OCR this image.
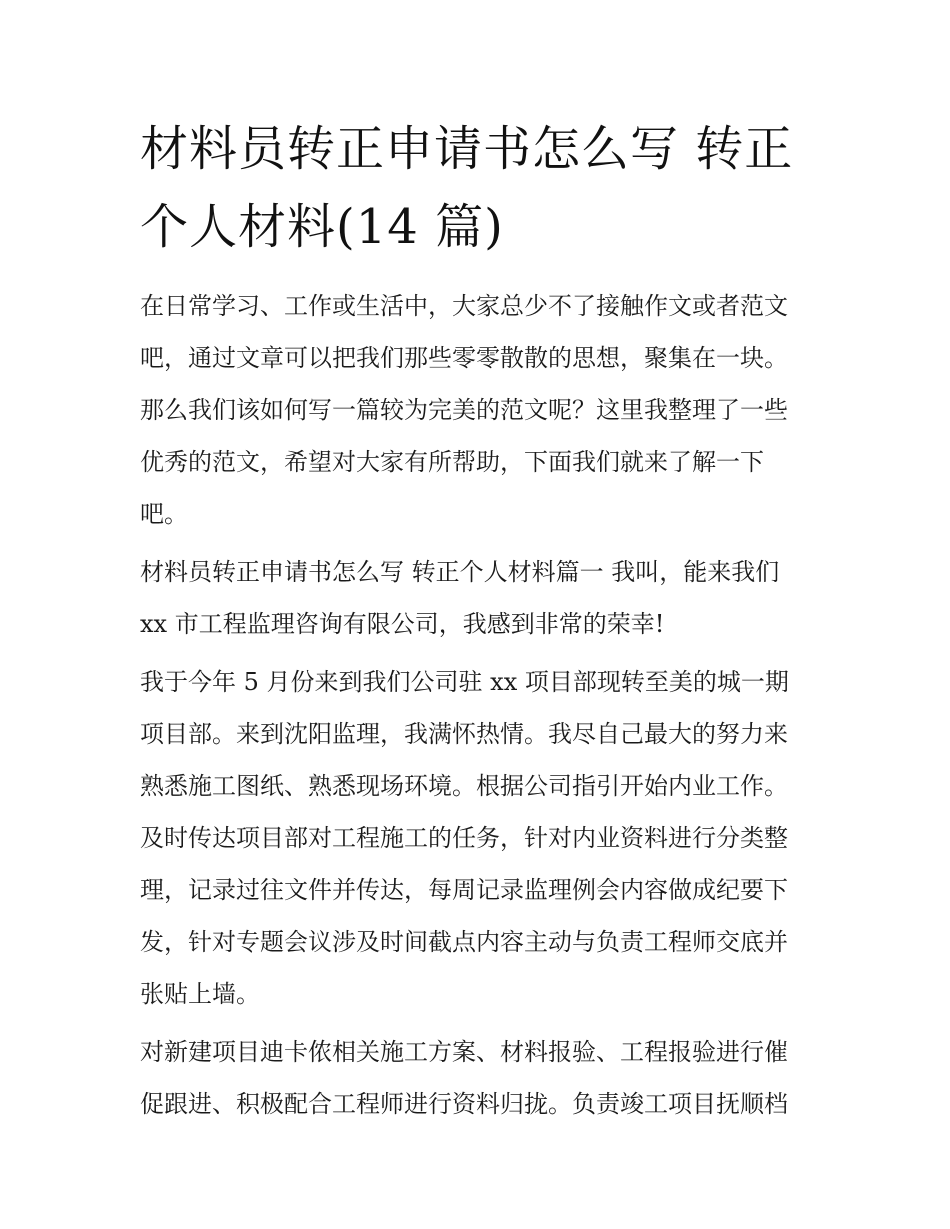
材料员转正申请书怎么写 转正
个人材料(14 篇)

在日常学习、工作或生活中，大家总少不了接触作文或者范文
吧，通过文章可以把我们那些零零散散的思想，聚集在一块。
那么我们该如何写一篇较为完美的范文呢？这里我整理了一些
优秀的范文，希望对大家有所帮助，下面我们就来了解一下
吧。

材料员转正申请书怎么写 转正个人材料篇一 我叫，能来我们
xx 市工程监理咨询有限公司，我感到非常的荣幸!

我于今年 5 月份来到我们公司驻 xx 项目部现转至美的城一期
项目部。来到沈阳监理，我满怀热情。我尽自己最大的努力来
熟悉施工图纸、熟悉现场环境。根据公司指引开始内业工作。
及时传达项目部对工程施工的任务，针对内业资料进行分类整
理，记录过往文件并传达，每周记录监理例会内容做成纪要下
发，针对专题会议涉及时间截点内容主动与负责工程师交底并
张贴上墙。

对新建项目迪卡侬相关施工方案、材料报验、工程报验进行催
促跟进、积极配合工程师进行资料归拢。负责竣工项目抚顺档
